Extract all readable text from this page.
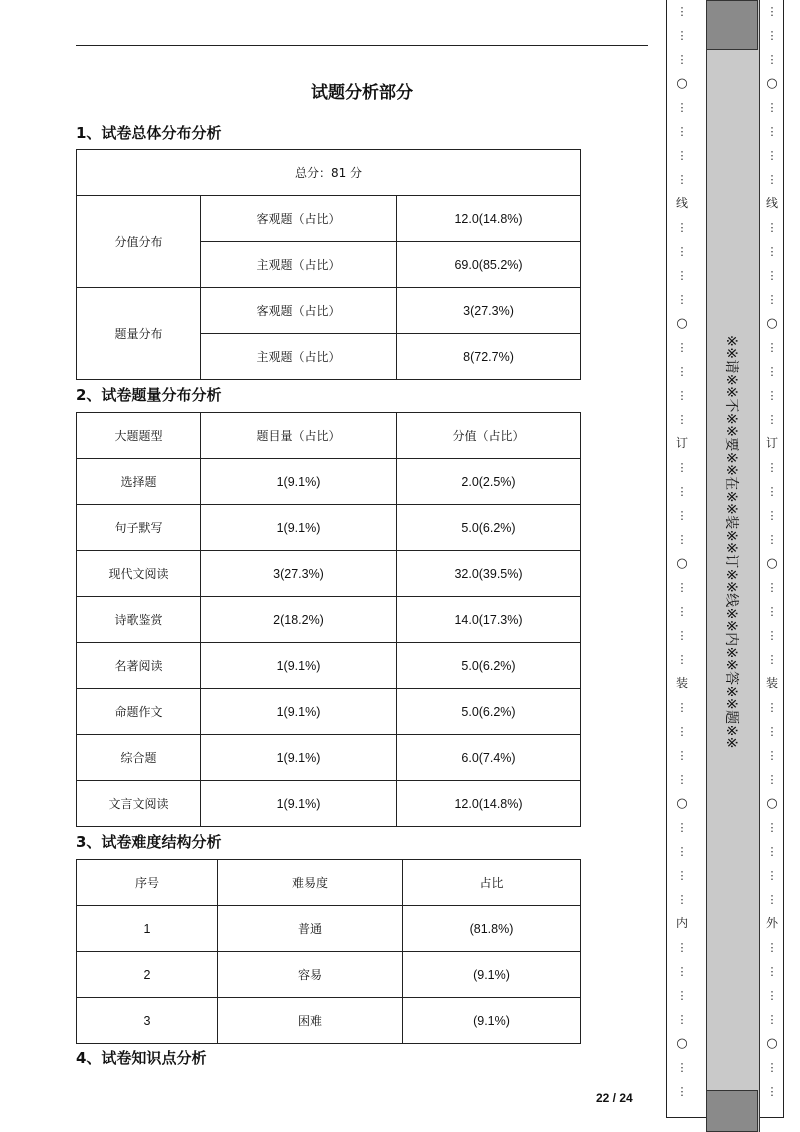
试题分析部分
1、试卷总体分布分析
总分：81 分		
分值分布	客观题（占比）	12.0(14.8%)
	主观题（占比）	69.0(85.2%)
题量分布	客观题（占比）	3(27.3%)
	主观题（占比）	8(72.7%)
2、试卷题量分布分析
大题题型	题目量（占比）	分值（占比）
选择题	1(9.1%)	2.0(2.5%)
句子默写	1(9.1%)	5.0(6.2%)
现代文阅读	3(27.3%)	32.0(39.5%)
诗歌鉴赏	2(18.2%)	14.0(17.3%)
名著阅读	1(9.1%)	5.0(6.2%)
命题作文	1(9.1%)	5.0(6.2%)
综合题	1(9.1%)	6.0(7.4%)
文言文阅读	1(9.1%)	12.0(14.8%)
3、试卷难度结构分析
序号	难易度	占比
1	普通	(81.8%)
2	容易	(9.1%)
3	困难	(9.1%)
4、试卷知识点分析
22 / 24
※※请※※不※※要※※在※※装※※订※※线※※内※※答※※题※※
⋮
⋮
⋮
○
⋮
⋮
⋮
⋮
线
⋮
⋮
⋮
⋮
○
⋮
⋮
⋮
⋮
订
⋮
⋮
⋮
⋮
○
⋮
⋮
⋮
⋮
装
⋮
⋮
⋮
⋮
○
⋮
⋮
⋮
⋮
内
⋮
⋮
⋮
⋮
○
⋮
⋮
⋮
⋮
⋮
○
⋮
⋮
⋮
⋮
线
⋮
⋮
⋮
⋮
○
⋮
⋮
⋮
⋮
订
⋮
⋮
⋮
⋮
○
⋮
⋮
⋮
⋮
装
⋮
⋮
⋮
⋮
○
⋮
⋮
⋮
⋮
外
⋮
⋮
⋮
⋮
○
⋮
⋮
